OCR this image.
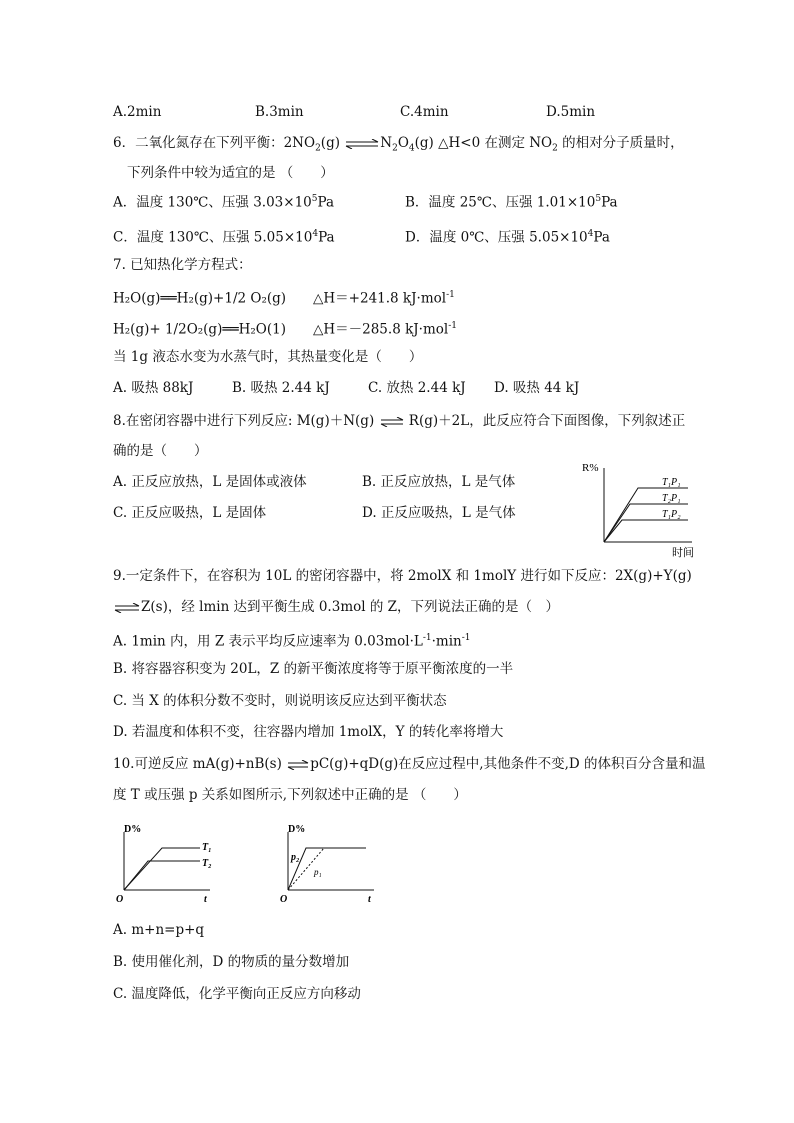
A.2min	B.3min	C.4min	D.5min
6．二氧化氮存在下列平衡：$2NO_2(g)$ $\rightleftharpoons N_2O_4(g)$ △H<0 在测定 $NO_2$ 的相对分子质量时，
下列条件中较为适宜的是 （　　）
A．温度 130℃、压强 $3.03\times 10^5Pa$	B．温度 25℃、压强 $1.01\times 10^5Pa$
C．温度 130℃、压强 $5.05\times 10^4Pa$	D．温度 0℃、压强 $5.05\times 10^4Pa$
7. 已知热化学方程式：
H₂O(g)══H₂(g)+1/2 O₂(g)　　△H＝+241.8 kJ·mol$^{-1}$
H₂(g)+ 1/2O₂(g)══H₂O(1)　　△H＝－285.8 kJ·mol$^{-1}$
当 1g 液态水变为水蒸气时，其热量变化是（　　）
A. 吸热 88kJ	B. 吸热 2.44 kJ	C. 放热 2.44 kJ D. 吸热 44 kJ
8.在密闭容器中进行下列反应: M(g)＋N(g) ⇌ R(g)＋2L，此反应符合下面图像，下列叙述正
确的是（　　）
A. 正反应放热，L 是固体或液体	B. 正反应放热，L 是气体
C. 正反应吸热，L 是固体	D. 正反应吸热，L 是气体
R%
T₁P₁
T₂P₁
T₁P₂
时间
9.一定条件下，在容积为 10L 的密闭容器中，将 2molX 和 1molY 进行如下反应：2X(g)+Y(g)
⇌Z(s)，经 lmin 达到平衡生成 0.3mol 的 Z，下列说法正确的是（　）
A. 1min 内，用 Z 表示平均反应速率为 $0.03mol\cdot L^{-1}\cdot\min^{-1}$
B. 将容器容积变为 20L，Z 的新平衡浓度将等于原平衡浓度的一半
C. 当 X 的体积分数不变时，则说明该反应达到平衡状态
D. 若温度和体积不变，往容器内增加 1molX，Y 的转化率将增大
10.可逆反应 mA(g)+nB(s) ⇌pC(g)+qD(g)在反应过程中,其他条件不变,D 的体积百分含量和温
度 T 或压强 p 关系如图所示,下列叙述中正确的是 （　　）
D%
T₁
T₂
O	t
D%
p₂
p₁
O	t
A. m+n=p+q
B. 使用催化剂，D 的物质的量分数增加
C. 温度降低，化学平衡向正反应方向移动
